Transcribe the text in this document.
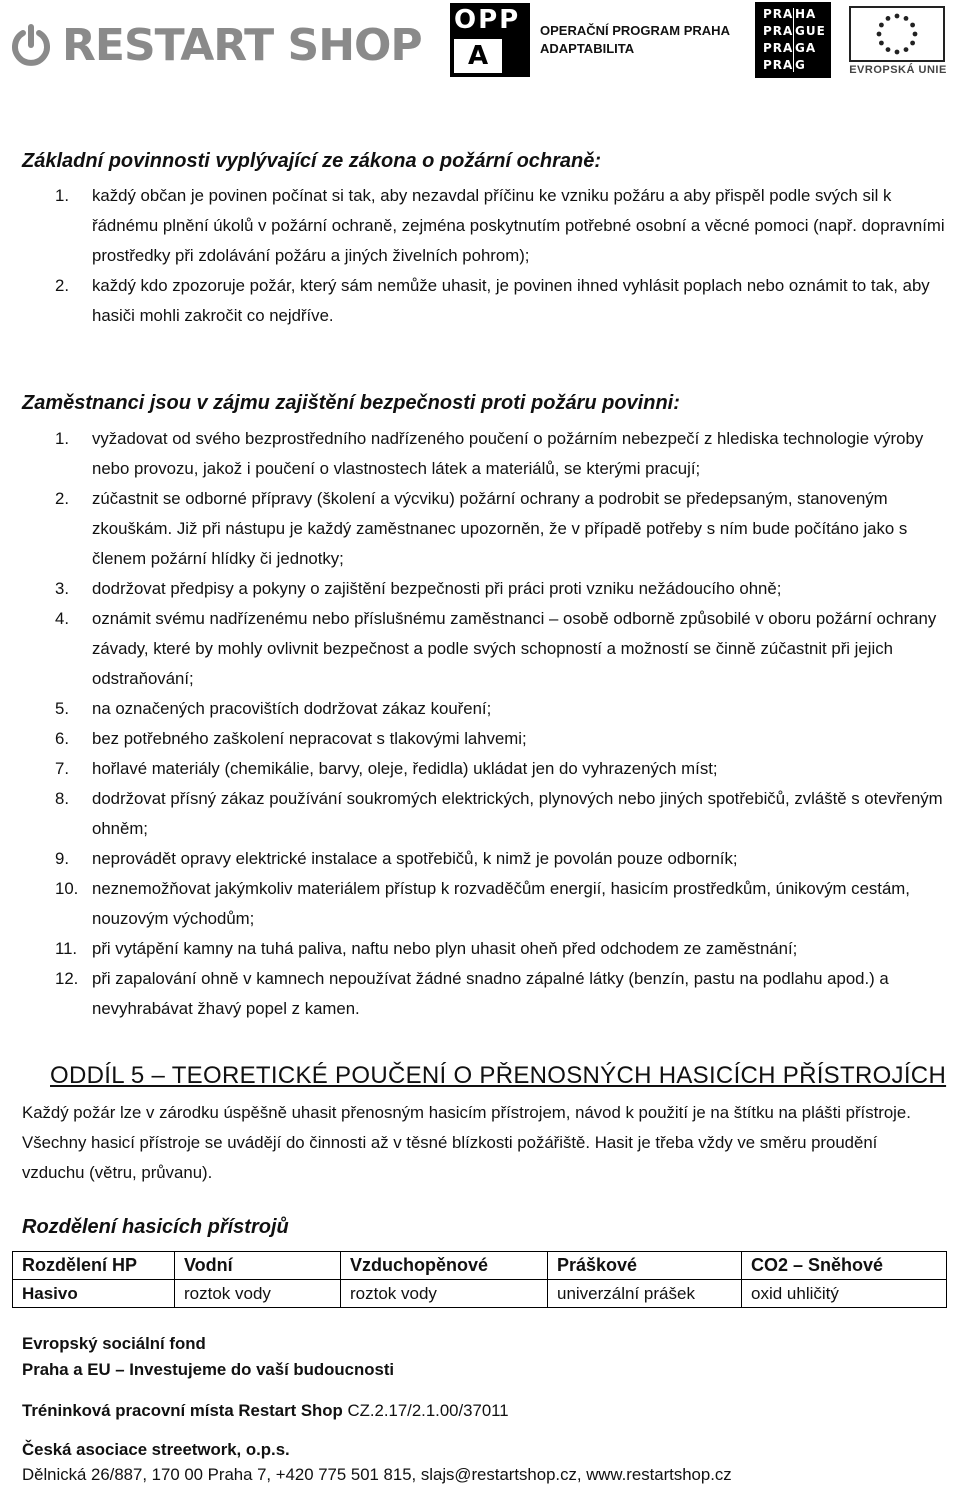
RESTART SHOP OPP
A
OPERAČNÍ PROGRAM PRAHA
ADAPTABILITA
PRA HA
PRA GUE
PRA GA
PRA G	EVROPSKÁ UNIE
Základní povinnosti vyplývající ze zákona o požární ochraně:
1.	každý občan je povinen počínat si tak, aby nezavdal příčinu ke vzniku požáru a aby přispěl podle svých sil k řádnému plnění úkolů v požární ochraně, zejména poskytnutím potřebné osobní a věcné pomoci (např. dopravními prostředky při zdolávání požáru a jiných živelních pohrom);
2.	každý kdo zpozoruje požár, který sám nemůže uhasit, je povinen ihned vyhlásit poplach nebo oznámit to tak, aby hasiči mohli zakročit co nejdříve.
Zaměstnanci jsou v zájmu zajištění bezpečnosti proti požáru povinni:
1.	vyžadovat od svého bezprostředního nadřízeného poučení o požárním nebezpečí z hlediska technologie výroby nebo provozu, jakož i poučení o vlastnostech látek a materiálů, se kterými pracují;
2.	zúčastnit se odborné přípravy (školení a výcviku) požární ochrany a podrobit se předepsaným, stanoveným zkouškám. Již při nástupu je každý zaměstnanec upozorněn, že v případě potřeby s ním bude počítáno jako s členem požární hlídky či jednotky;
3.	dodržovat předpisy a pokyny o zajištění bezpečnosti při práci proti vzniku nežádoucího ohně;
4.	oznámit svému nadřízenému nebo příslušnému zaměstnanci – osobě odborně způsobilé v oboru požární ochrany závady, které by mohly ovlivnit bezpečnost a podle svých schopností a možností se činně zúčastnit při jejich odstraňování;
5.	na označených pracovištích dodržovat zákaz kouření;
6.	bez potřebného zaškolení nepracovat s tlakovými lahvemi;
7.	hořlavé materiály (chemikálie, barvy, oleje, ředidla) ukládat jen do vyhrazených míst;
8.	dodržovat přísný zákaz používání soukromých elektrických, plynových nebo jiných spotřebičů, zvláště s otevřeným ohněm;
9.	neprovádět opravy elektrické instalace a spotřebičů, k nimž je povolán pouze odborník;
10. neznemožňovat jakýmkoliv materiálem přístup k rozvaděčům energií, hasicím prostředkům, únikovým cestám, nouzovým východům;
11. při vytápění kamny na tuhá paliva, naftu nebo plyn uhasit oheň před odchodem ze zaměstnání;
12. při zapalování ohně v kamnech nepoužívat žádné snadno zápalné látky (benzín, pastu na podlahu apod.) a nevyhrabávat žhavý popel z kamen.
ODDÍL 5 – TEORETICKÉ POUČENÍ O PŘENOSNÝCH HASICÍCH PŘÍSTROJÍCH

Každý požár lze v zárodku úspěšně uhasit přenosným hasicím přístrojem, návod k použití je na štítku na plášti přístroje. Všechny hasicí přístroje se uvádějí do činnosti až v těsné blízkosti požářiště. Hasit je třeba vždy ve směru proudění vzduchu (větru, průvanu).

Rozdělení hasicích přístrojů
Rozdělení HP	Vodní	Vzduchopěnové	Práškové	CO2 – Sněhové
Hasivo	roztok vody	roztok vody	univerzální prášek	oxid uhličitý

Evropský sociální fond

Praha a EU – Investujeme do vaší budoucnosti

Tréninková pracovní místa Restart Shop CZ.2.17/2.1.00/37011

Česká asociace streetwork, o.p.s.

Dělnická 26/887, 170 00 Praha 7, +420 775 501 815, slajs@restartshop.cz, www.restartshop.cz
